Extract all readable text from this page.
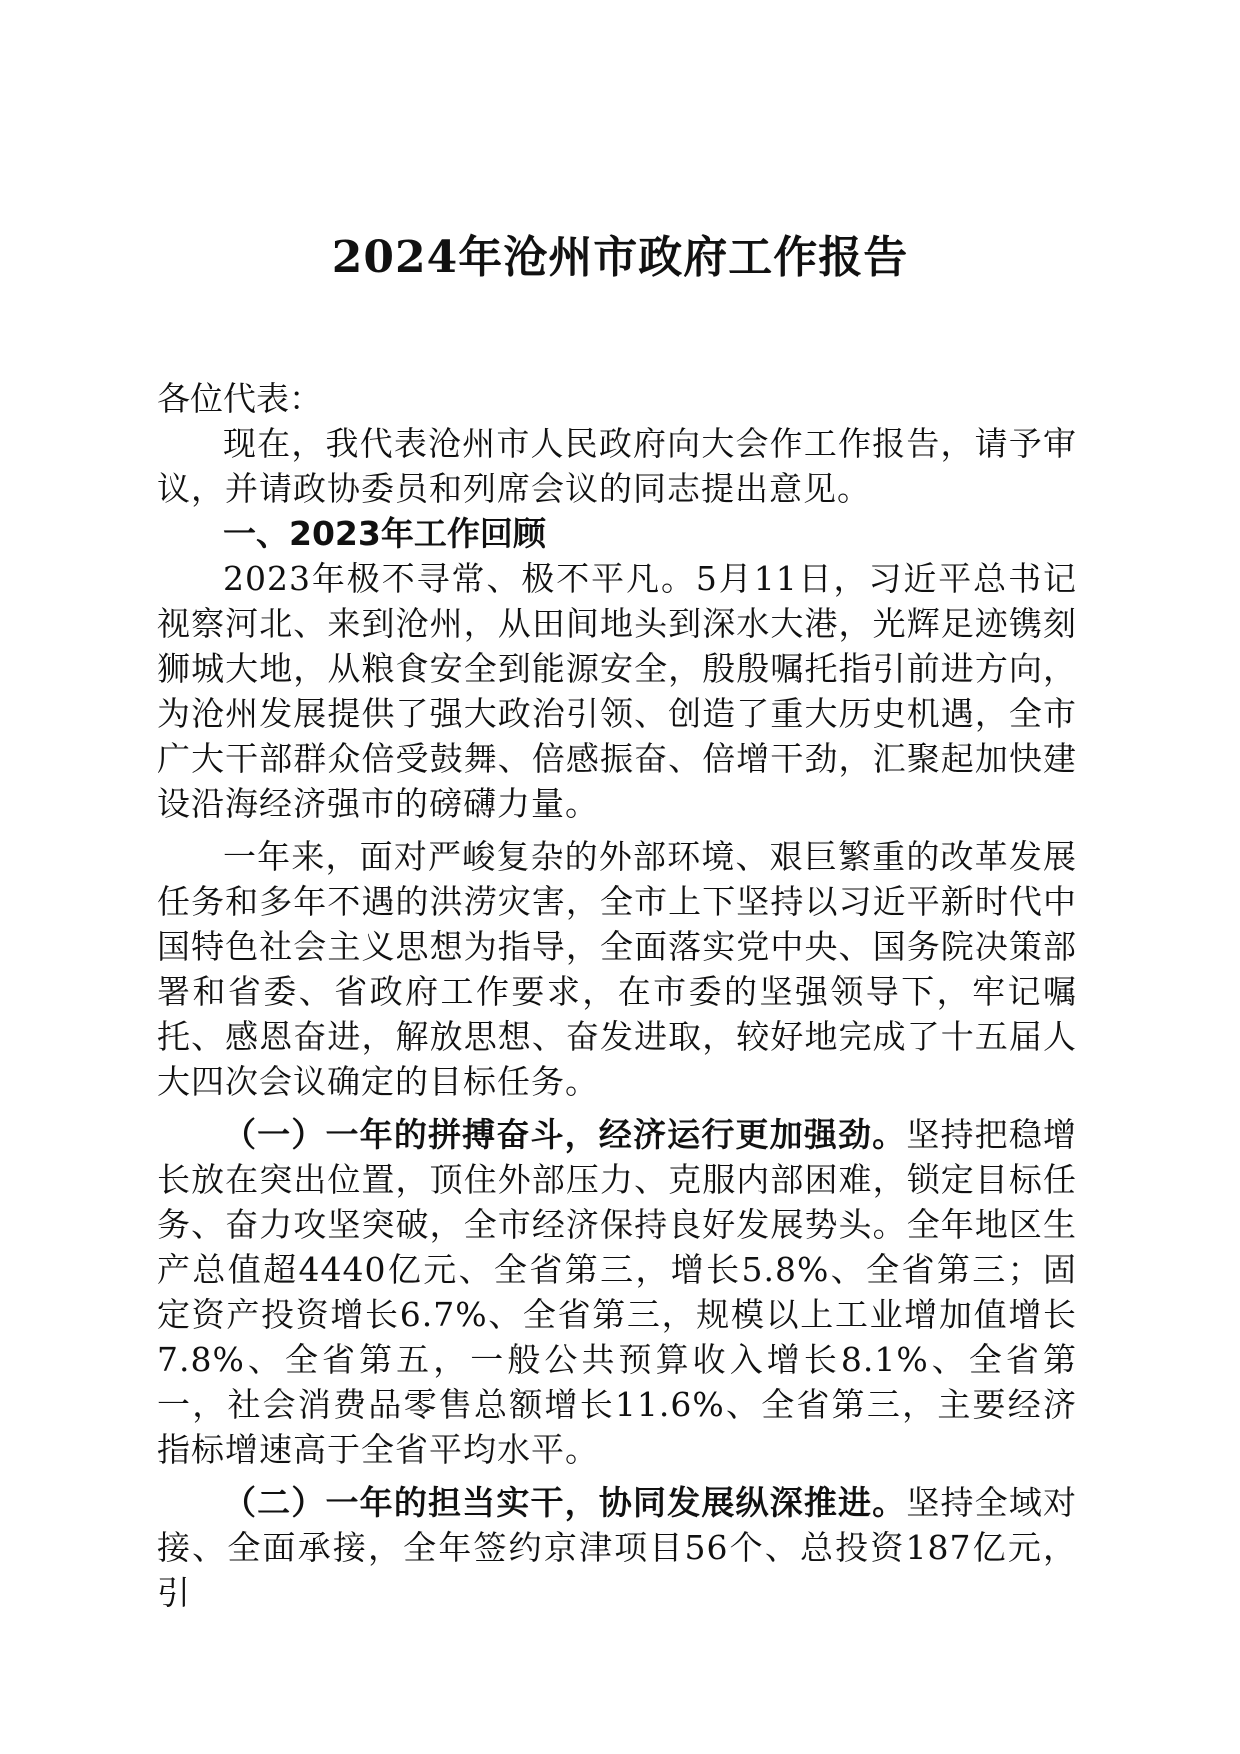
2024年沧州市政府工作报告

各位代表：

现在，我代表沧州市人民政府向大会作工作报告，请予审议，并请政协委员和列席会议的同志提出意见。

一、2023年工作回顾

2023年极不寻常、极不平凡。5月11日，习近平总书记视察河北、来到沧州，从田间地头到深水大港，光辉足迹镌刻狮城大地，从粮食安全到能源安全，殷殷嘱托指引前进方向，为沧州发展提供了强大政治引领、创造了重大历史机遇，全市广大干部群众倍受鼓舞、倍感振奋、倍增干劲，汇聚起加快建设沿海经济强市的磅礴力量。

一年来，面对严峻复杂的外部环境、艰巨繁重的改革发展任务和多年不遇的洪涝灾害，全市上下坚持以习近平新时代中国特色社会主义思想为指导，全面落实党中央、国务院决策部署和省委、省政府工作要求，在市委的坚强领导下，牢记嘱托、感恩奋进，解放思想、奋发进取，较好地完成了十五届人大四次会议确定的目标任务。

（一）一年的拼搏奋斗，经济运行更加强劲。坚持把稳增长放在突出位置，顶住外部压力、克服内部困难，锁定目标任务、奋力攻坚突破，全市经济保持良好发展势头。全年地区生产总值超4440亿元、全省第三，增长5.8%、全省第三；固定资产投资增长6.7%、全省第三，规模以上工业增加值增长7.8%、全省第五，一般公共预算收入增长8.1%、全省第一，社会消费品零售总额增长11.6%、全省第三，主要经济指标增速高于全省平均水平。

（二）一年的担当实干，协同发展纵深推进。坚持全域对接、全面承接，全年签约京津项目56个、总投资187亿元，引
